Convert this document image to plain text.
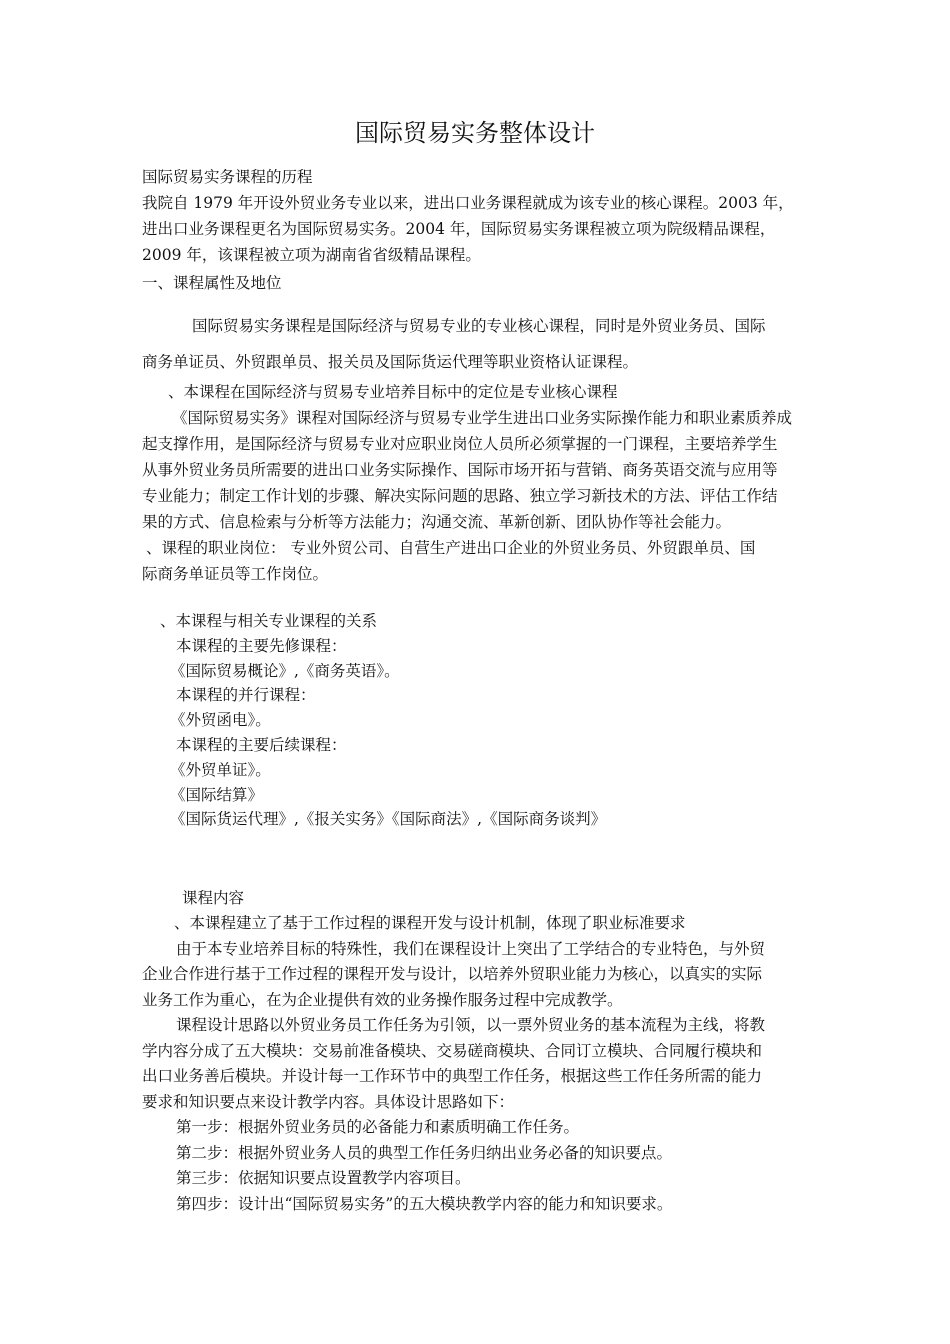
国际贸易实务整体设计
国际贸易实务课程的历程
我院自 1979 年开设外贸业务专业以来，进出口业务课程就成为该专业的核心课程。2003 年，
进出口业务课程更名为国际贸易实务。2004 年，国际贸易实务课程被立项为院级精品课程，
2009 年，该课程被立项为湖南省省级精品课程。
一、课程属性及地位
国际贸易实务课程是国际经济与贸易专业的专业核心课程，同时是外贸业务员、国际
商务单证员、外贸跟单员、报关员及国际货运代理等职业资格认证课程。
、本课程在国际经济与贸易专业培养目标中的定位是专业核心课程
《国际贸易实务》课程对国际经济与贸易专业学生进出口业务实际操作能力和职业素质养成
起支撑作用，是国际经济与贸易专业对应职业岗位人员所必须掌握的一门课程，主要培养学生
从事外贸业务员所需要的进出口业务实际操作、国际市场开拓与营销、商务英语交流与应用等
专业能力；制定工作计划的步骤、解决实际问题的思路、独立学习新技术的方法、评估工作结
果的方式、信息检索与分析等方法能力；沟通交流、革新创新、团队协作等社会能力。
、课程的职业岗位： 专业外贸公司、自营生产进出口企业的外贸业务员、外贸跟单员、国
际商务单证员等工作岗位。
、本课程与相关专业课程的关系
本课程的主要先修课程：
《国际贸易概论》,《商务英语》。
本课程的并行课程：
《外贸函电》。
本课程的主要后续课程：
《外贸单证》。
《国际结算》
《国际货运代理》,《报关实务》《国际商法》,《国际商务谈判》
课程内容
、本课程建立了基于工作过程的课程开发与设计机制，体现了职业标准要求
由于本专业培养目标的特殊性，我们在课程设计上突出了工学结合的专业特色，与外贸
企业合作进行基于工作过程的课程开发与设计，以培养外贸职业能力为核心，以真实的实际
业务工作为重心，在为企业提供有效的业务操作服务过程中完成教学。
课程设计思路以外贸业务员工作任务为引领，以一票外贸业务的基本流程为主线，将教
学内容分成了五大模块：交易前准备模块、交易磋商模块、合同订立模块、合同履行模块和
出口业务善后模块。并设计每一工作环节中的典型工作任务，根据这些工作任务所需的能力
要求和知识要点来设计教学内容。具体设计思路如下：
第一步：根据外贸业务员的必备能力和素质明确工作任务。
第二步：根据外贸业务人员的典型工作任务归纳出业务必备的知识要点。
第三步：依据知识要点设置教学内容项目。
第四步：设计出“国际贸易实务”的五大模块教学内容的能力和知识要求。
